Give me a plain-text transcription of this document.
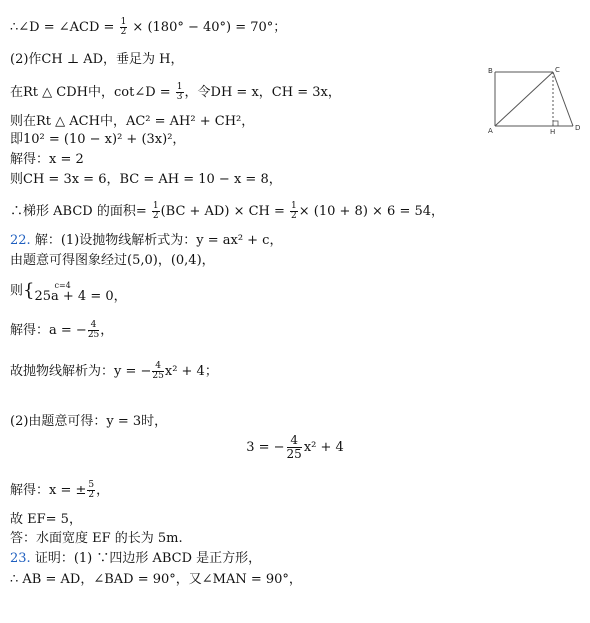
∴∠D = ∠ACD = $\frac{1}{2} \times (180^\circ - 40^\circ) = 70^\circ$；
(2)作CH ⊥ AD，垂足为 H，
在Rt △ CDH中，cot∠D = $\frac{1}{3}$ ，令DH = x，CH = 3x，
则在Rt △ ACH中，AC² = AH² + CH²，
即10² = (10 − x)² + (3x)²，
解得：x = 2
则CH = 3x = 6，BC = AH = 10 − x = 8，
∴梯形 ABCD 的面积= $\frac{1}{2} (BC + AD)$ × CH = $\frac{1}{2} \times (10 + 8) \times 6 = 54$，
22. 解：(1)设抛物线解析式为：y = ax² + c，
由题意可得图象经过(5,0)，(0,4)，
则{	c=4
25a + 4 = 0，
解得：a = − $\frac{4}{25}$ ，
故抛物线解析为：y = − $\frac{4}{25} x^2 + 4$；
(2)由题意可得：y = 3时，
3 = − $\frac{4}{25} x^2 + 4$
解得：x = ± $\frac{5}{2}$ ，
故 EF= 5，
答：水面宽度 EF 的长为 5m.
23. 证明：(1) ∵四边形 ABCD 是正方形，
∴ AB = AD，∠BAD = 90°，又∠MAN = 90°，
B	C
A	H	D
